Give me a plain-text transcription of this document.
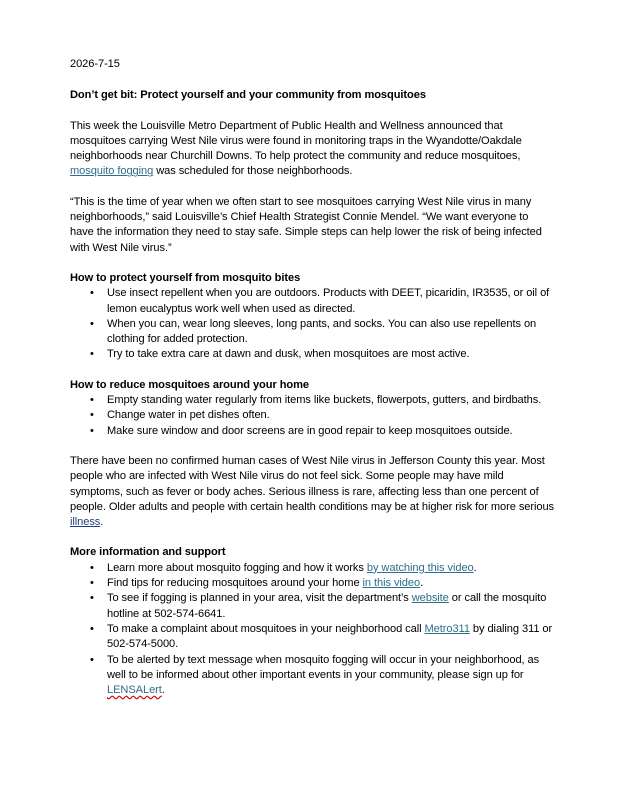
2026-7-15

Don’t get bit: Protect yourself and your community from mosquitoes

This week the Louisville Metro Department of Public Health and Wellness announced that mosquitoes carrying West Nile virus were found in monitoring traps in the Wyandotte/Oakdale neighborhoods near Churchill Downs. To help protect the community and reduce mosquitoes, mosquito fogging was scheduled for those neighborhoods.

“This is the time of year when we often start to see mosquitoes carrying West Nile virus in many neighborhoods,” said Louisville’s Chief Health Strategist Connie Mendel. “We want everyone to have the information they need to stay safe. Simple steps can help lower the risk of being infected with West Nile virus.”

How to protect yourself from mosquito bites

• Use insect repellent when you are outdoors. Products with DEET, picaridin, IR3535, or oil of lemon eucalyptus work well when used as directed.
• When you can, wear long sleeves, long pants, and socks. You can also use repellents on clothing for added protection.
• Try to take extra care at dawn and dusk, when mosquitoes are most active.

How to reduce mosquitoes around your home

• Empty standing water regularly from items like buckets, flowerpots, gutters, and birdbaths.
• Change water in pet dishes often.
• Make sure window and door screens are in good repair to keep mosquitoes outside.

There have been no confirmed human cases of West Nile virus in Jefferson County this year. Most people who are infected with West Nile virus do not feel sick. Some people may have mild symptoms, such as fever or body aches. Serious illness is rare, affecting less than one percent of people. Older adults and people with certain health conditions may be at higher risk for more serious illness.

More information and support

• Learn more about mosquito fogging and how it works by watching this video.
• Find tips for reducing mosquitoes around your home in this video.
• To see if fogging is planned in your area, visit the department’s website or call the mosquito hotline at 502-574-6641.
• To make a complaint about mosquitoes in your neighborhood call Metro311 by dialing 311 or 502-574-5000.
• To be alerted by text message when mosquito fogging will occur in your neighborhood, as well to be informed about other important events in your community, please sign up for LENSALert.
